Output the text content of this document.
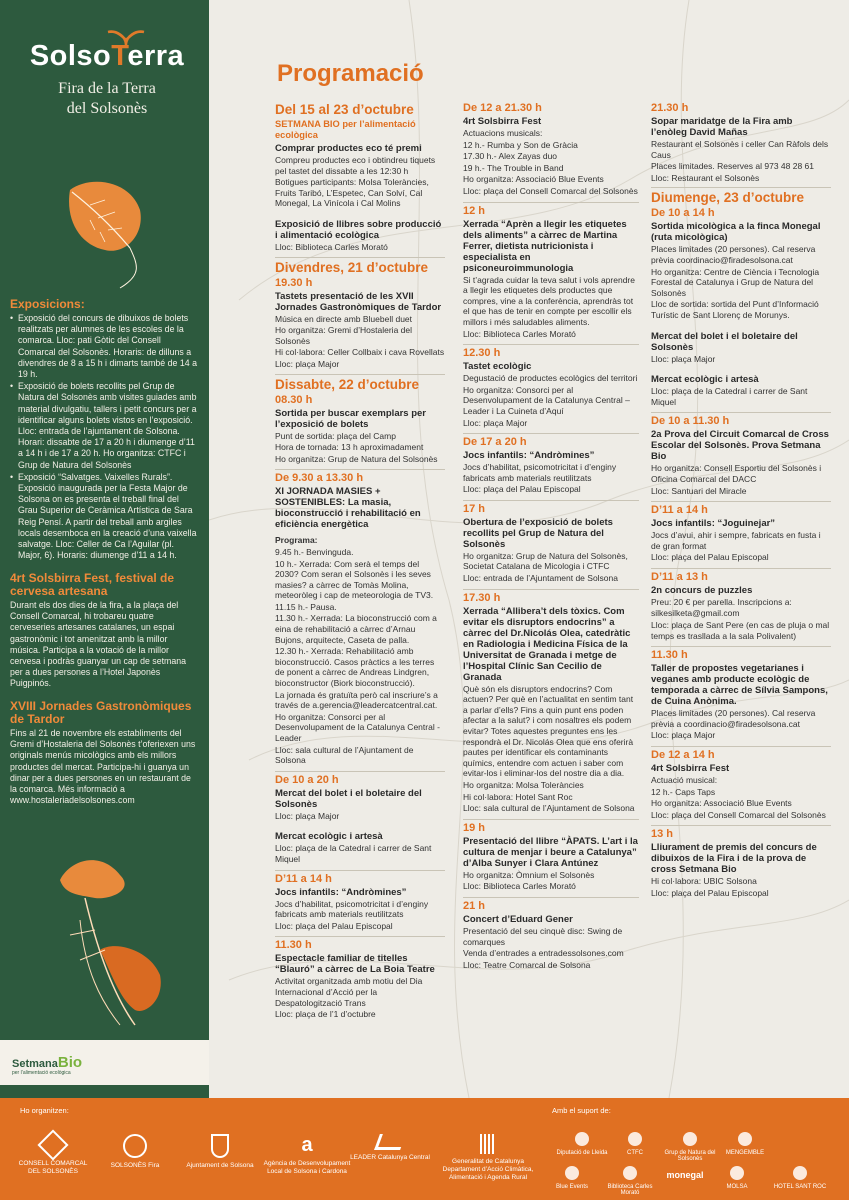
SolsoTerra
Fira de la Terra
del Solsonès
Exposicions:
• Exposició del concurs de dibuixos de bolets realitzats per alumnes de les escoles de la comarca. Lloc: pati Gòtic del Consell Comarcal del Solsonès. Horaris: de dilluns a divendres de 8 a 15 h i dimarts també de 14 a 19 h.
• Exposició de bolets recollits pel Grup de Natura del Solsonès amb visites guiades amb material divulgatiu, tallers i petit concurs per a identificar alguns bolets vistos en l’exposició. Lloc: entrada de l’ajuntament de Solsona. Horari: dissabte de 17 a 20 h i diumenge d’11 a 14 h i de 17 a 20 h. Ho organitza: CTFC i Grup de Natura del Solsonès
• Exposició “Salvatges. Vaixelles Rurals”. Exposició inaugurada per la Festa Major de Solsona on es presenta el treball final del Grau Superior de Ceràmica Artística de Sara Reig Pensí. A partir del treball amb argiles locals desemboca en la creació d’una vaixella salvatge. Lloc: Celler de Ca l’Aguilar (pl. Major, 6). Horaris: diumenge d’11 a 14 h.
4rt Solsbirra Fest, festival de cervesa artesana
Durant els dos dies de la fira, a la plaça del Consell Comarcal, hi trobareu quatre cerveseries artesanes catalanes, un espai gastronòmic i tot amenitzat amb la millor música. Participa a la votació de la millor cervesa i podràs guanyar un cap de setmana per a dues persones a l’Hotel Japonès Puigpinós.
XVIII Jornades Gastronòmiques de Tardor
Fins al 21 de novembre els establiments del Gremi d’Hostaleria del Solsonès t’oferiexen uns originals menús micològics amb els millors productes del mercat. Participa-hi i guanya un dinar per a dues persones en un restaurant de la comarca. Més informació a www.hostaleriadelsolsones.com
SetmanaBio
per l’alimentació ecològica
Programació
Del 15 al 23 d’octubre
SETMANA BIO per l’alimentació ecològica
Comprar productes eco té premi
Compreu productes eco i obtindreu tiquets pel tastet del dissabte a les 12:30 h
Botigues participants: Molsa Toleràncies, Fruits Taribó, L’Espetec, Can Solví, Cal Monegal, La Vinícola i Cal Molins
Exposició de llibres sobre producció i alimentació ecològica
Lloc: Biblioteca Carles Morató
Divendres, 21 d’octubre
19.30 h
Tastets presentació de les XVII Jornades Gastronòmiques de Tardor
Música en directe amb Bluebell duet
Ho organitza: Gremi d’Hostaleria del Solsonès
Hi col·labora: Celler Collbaix i cava Rovellats
Lloc: plaça Major
Dissabte, 22 d’octubre
08.30 h
Sortida per buscar exemplars per l’exposició de bolets
Punt de sortida: plaça del Camp
Hora de tornada: 13 h aproximadament
Ho organitza: Grup de Natura del Solsonès
De 9.30 a 13.30 h
XI JORNADA MASIES + SOSTENIBLES: La masia, bioconstrucció i rehabilitació en eficiència energètica
Programa:
9.45 h.- Benvinguda.
10 h.- Xerrada: Com serà el temps del 2030? Com seran el Solsonès i les seves masies? a càrrec de Tomàs Molina, meteoròleg i cap de meteorologia de TV3.
11.15 h.- Pausa.
11.30 h.- Xerrada: La bioconstrucció com a eina de rehabilitació a càrrec d’Arnau Bujons, arquitecte, Caseta de palla.
12.30 h.- Xerrada: Rehabilitació amb bioconstrucció. Casos pràctics a les terres de ponent a càrrec de Andreas Lindgren, bioconstructor (Biork bioconstrucció).
La jornada és gratuïta però cal inscriure’s a través de a.gerencia@leadercatcentral.cat.
Ho organitza: Consorci per al Desenvolupament de la Catalunya Central - Leader
Lloc: sala cultural de l’Ajuntament de Solsona
De 10 a 20 h
Mercat del bolet i el boletaire del Solsonès
Lloc: plaça Major
Mercat ecològic i artesà
Lloc: plaça de la Catedral i carrer de Sant Miquel
D’11 a 14 h
Jocs infantils: “Andròmines”
Jocs d’habilitat, psicomotricitat i d’enginy fabricats amb materials reutilitzats
Lloc: plaça del Palau Episcopal
11.30 h
Espectacle familiar de titelles “Blauró” a càrrec de La Boia Teatre
Activitat organitzada amb motiu del Dia Internacional d’Acció per la Despatologització Trans
Lloc: plaça de l’1 d’octubre
De 12 a 21.30 h
4rt Solsbirra Fest
Actuacions musicals:
12 h.- Rumba y Son de Gràcia
17.30 h.- Alex Zayas duo
19 h.- The Trouble in Band
Ho organitza: Associació Blue Events
Lloc: plaça del Consell Comarcal del Solsonès
12 h
Xerrada “Aprèn a llegir les etiquetes dels aliments” a càrrec de Martina Ferrer, dietista nutricionista i especialista en psiconeuroimmunologia
Si t’agrada cuidar la teva salut i vols aprendre a llegir les etiquetes dels productes que compres, vine a la conferència, aprendràs tot el que has de tenir en compte per escollir els millors i més saludables aliments.
Lloc: Biblioteca Carles Morató
12.30 h
Tastet ecològic
Degustació de productes ecològics del territori
Ho organitza: Consorci per al Desenvolupament de la Catalunya Central – Leader i La Cuineta d’Aquí
Lloc: plaça Major
De 17 a 20 h
Jocs infantils: “Andròmines”
Jocs d’habilitat, psicomotricitat i d’enginy fabricats amb materials reutilitzats
Lloc: plaça del Palau Episcopal
17 h
Obertura de l’exposició de bolets recollits pel Grup de Natura del Solsonès
Ho organitza: Grup de Natura del Solsonès, Societat Catalana de Micologia i CTFC
Lloc: entrada de l’Ajuntament de Solsona
17.30 h
Xerrada “Allibera’t dels tòxics. Com evitar els disruptors endocrins” a càrrec del Dr.Nicolás Olea, catedràtic en Radiologia i Medicina Física de la Universitat de Granada i metge de l’Hospital Clínic San Cecilio de Granada
Què són els disruptors endocrins? Com actuen? Per què en l’actualitat en sentim tant a parlar d’ells? Fins a quin punt ens poden afectar a la salut? i com nosaltres els podem evitar? Totes aquestes preguntes ens les respondrà el Dr. Nicolás Olea que ens oferirà pautes per identificar els contaminants químics, entendre com actuen i saber com evitar-los i eliminar-los del nostre dia a dia.
Ho organitza: Molsa Toleràncies
Hi col·labora: Hotel Sant Roc
Lloc: sala cultural de l’Ajuntament de Solsona
19 h
Presentació del llibre “ÀPATS. L’art i la cultura de menjar i beure a Catalunya” d’Alba Sunyer i Clara Antúnez
Ho organitza: Òmnium el Solsonès
Lloc: Biblioteca Carles Morató
21 h
Concert d’Eduard Gener
Presentació del seu cinquè disc: Swing de comarques
Venda d’entrades a entradessolsones.com
Lloc: Teatre Comarcal de Solsona
21.30 h
Sopar maridatge de la Fira amb l’enòleg David Mañas
Restaurant el Solsonès i celler Can Ràfols dels Caus
Places limitades. Reserves al 973 48 28 61
Lloc: Restaurant el Solsonès
Diumenge, 23 d’octubre
De 10 a 14 h
Sortida micològica a la finca Monegal (ruta micològica)
Places limitades (20 persones). Cal reserva prèvia coordinacio@firadesolsona.cat
Ho organitza: Centre de Ciència i Tecnologia Forestal de Catalunya i Grup de Natura del Solsonès
Lloc de sortida: sortida del Punt d’Informació Turístic de Sant Llorenç de Morunys.
Mercat del bolet i el boletaire del Solsonès
Lloc: plaça Major
Mercat ecològic i artesà
Lloc: plaça de la Catedral i carrer de Sant Miquel
De 10 a 11.30 h
2a Prova del Circuit Comarcal de Cross Escolar del Solsonès. Prova Setmana Bio
Ho organitza: Consell Esportiu del Solsonès i Oficina Comarcal del DACC
Lloc: Santuari del Miracle
D’11 a 14 h
Jocs infantils: “Joguinejar”
Jocs d’avui, ahir i sempre, fabricats en fusta i de gran format
Lloc: plaça del Palau Episcopal
D’11 a 13 h
2n concurs de puzzles
Preu: 20 € per parella. Inscripcions a:
silkesilketa@gmail.com
Lloc: plaça de Sant Pere (en cas de pluja o mal temps es trasllada a la sala Polivalent)
11.30 h
Taller de propostes vegetarianes i veganes amb producte ecològic de temporada a càrrec de Sílvia Sampons, de Cuina Anònima.
Places limitades (20 persones). Cal reserva prèvia a coordinacio@firadesolsona.cat
Lloc: plaça Major
De 12 a 14 h
4rt Solsbirra Fest
Actuació musical:
12 h.- Caps Taps
Ho organitza: Associació Blue Events
Lloc: plaça del Consell Comarcal del Solsonès
13 h
Lliurament de premis del concurs de dibuixos de la Fira i de la prova de cross Setmana Bio
Hi col·labora: UBIC Solsona
Lloc: plaça del Palau Episcopal
Ho organitzen:	Amb el suport de:
CONSELL COMARCAL DEL SOLSONÈS
SOLSONÈS Fira	Ajuntament de Solsona
a
Agència de Desenvolupament Local de Solsona i Cardona
LEADER Catalunya Central
Generalitat de Catalunya Departament d’Acció Climàtica, Alimentació i Agenda Rural
Diputació de Lleida	CTFC	Grup de Natura del Solsonès
MENGEMBLE
Blue Events	Biblioteca Carles Morató
monegal
MOLSA	HOTEL SANT ROC
